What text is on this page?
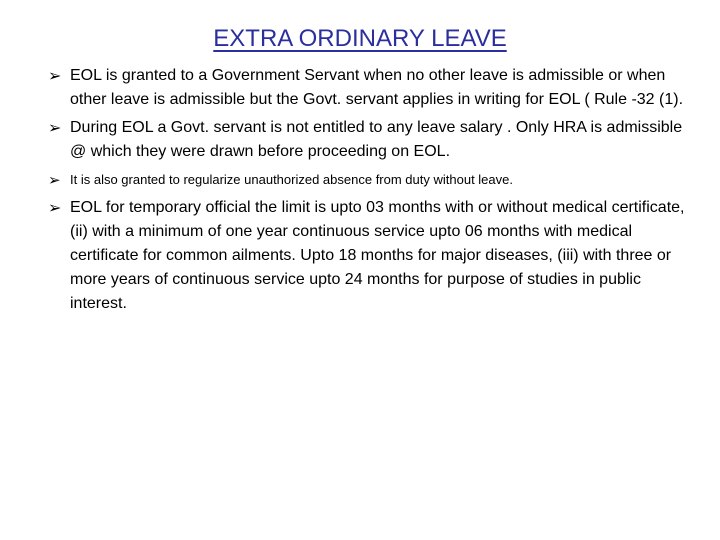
EXTRA ORDINARY LEAVE
➢ EOL is granted to a Government Servant when no other leave is admissible or when other leave is admissible but the Govt. servant applies in writing for EOL ( Rule -32 (1).
➢ During EOL a Govt. servant is not entitled to any leave salary . Only HRA is admissible @ which they were drawn before proceeding on EOL.
➢ It is also granted to regularize unauthorized absence from duty without leave.
➢ EOL for temporary official the limit is upto 03 months with or without medical certificate, (ii) with a minimum of one year continuous service upto 06 months with medical certificate for common ailments. Upto 18 months for major diseases, (iii) with three or more years of continuous service upto 24 months for purpose of studies in public interest.
